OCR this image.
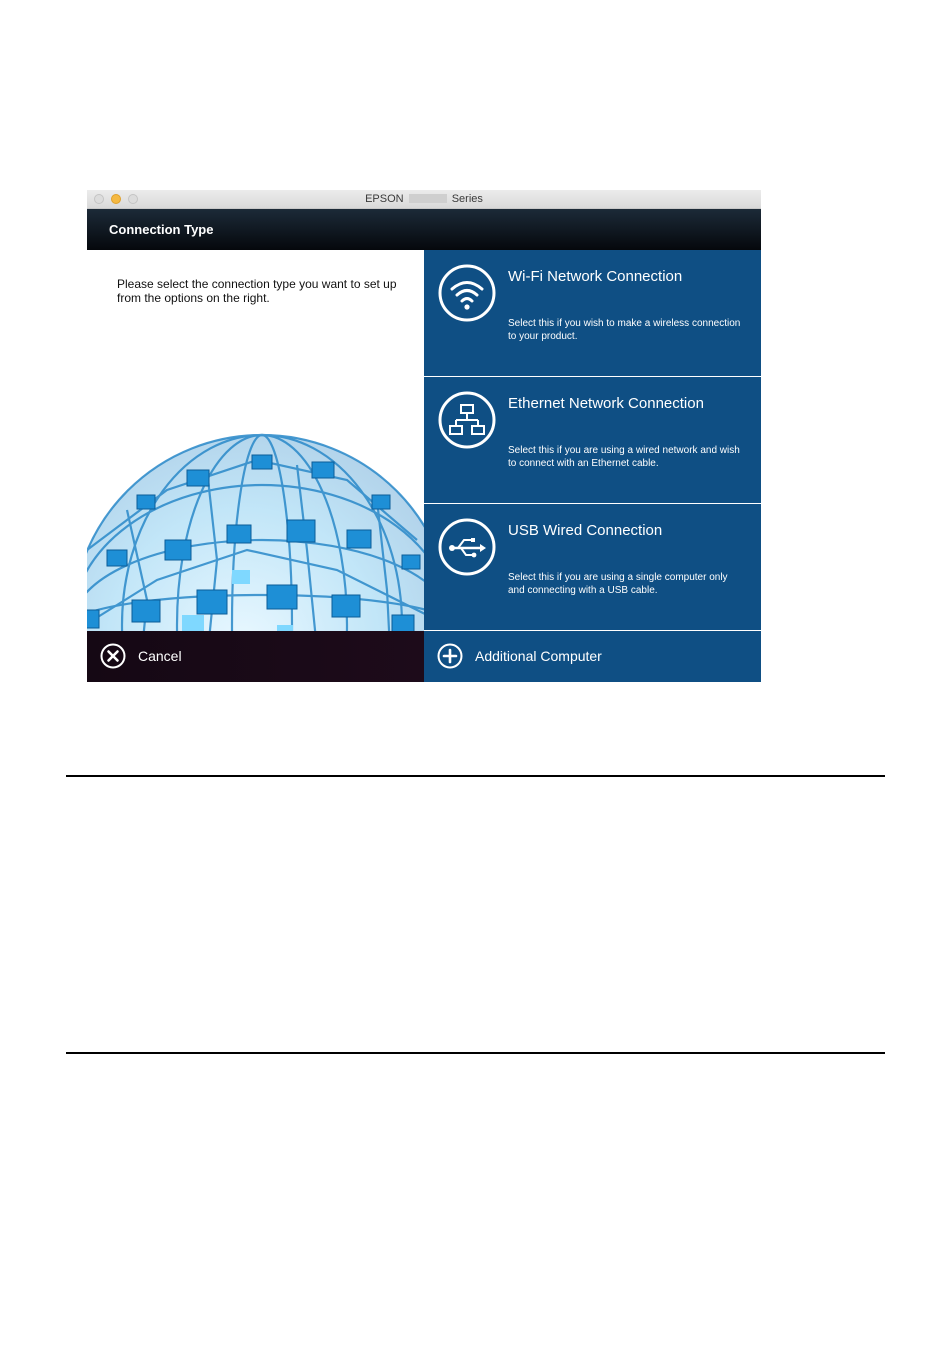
EPSON	Series
Connection Type
Please select the connection type you want to set up from the options on the right.
Wi-Fi Network Connection
Select this if you wish to make a wireless connection to your product.
Ethernet Network Connection
Select this if you are using a wired network and wish to connect with an Ethernet cable.
USB Wired Connection
Select this if you are using a single computer only and connecting with a USB cable.
Cancel	Additional Computer
